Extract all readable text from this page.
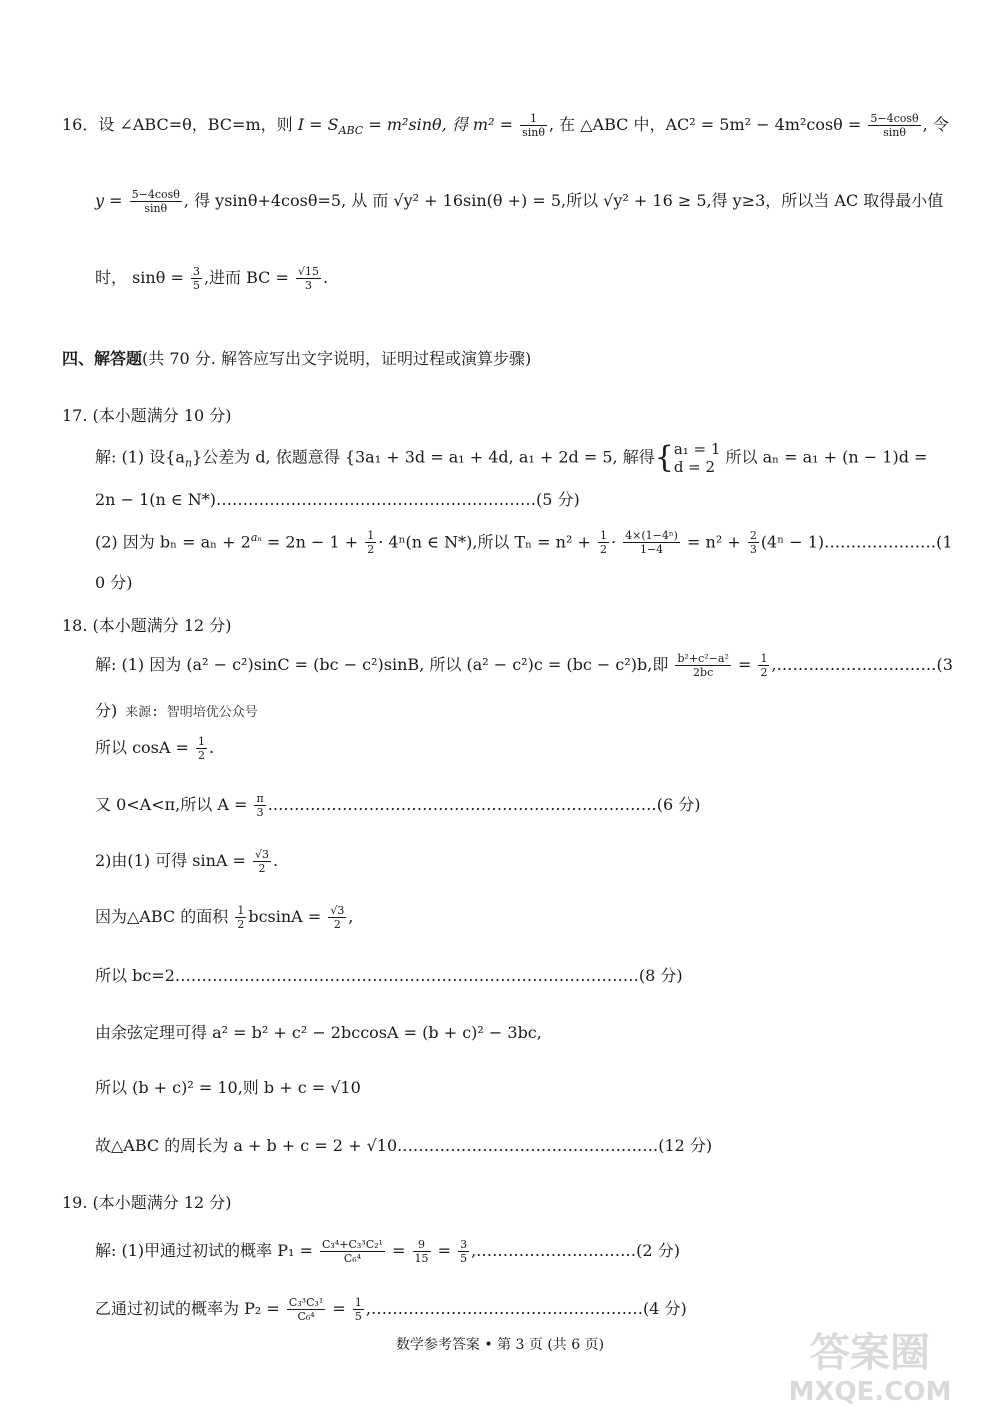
16．设 ∠ABC=θ，BC=m，则 $I = S_{ABC} = m^2\sin\theta$, 得 $m^2 = \frac{1}{\sin\theta}$ , 在 △ABC 中，$AC^2 = 5m^2 - 4m^2\cos\theta = \frac{5-4\cos\theta}{\sin\theta}$ , 令
$y = \frac{5-4\cos\theta}{\sin\theta}$ , 得 ysinθ+4cosθ=5, 从 而 √y² + 16sin(θ +) = 5,所以 √y² + 16 ≥ 5,得 y≥3，所以当 AC 取得最小值
时， $\sin\theta = \frac{3}{5}$ ,进而 BC = $\frac{√15}{3}$ .
四、解答题(共 70 分. 解答应写出文字说明，证明过程或演算步骤)
17. (本小题满分 10 分)
解: (1) 设$\{a_n\}$公差为 d, 依题意得 {3a₁ + 3d = a₁ + 4d, a₁ + 2d = 5, 解得{ a₁ = 1
d = 2
所以 aₙ = a₁ + (n − 1)d =
2n − 1(n ∈ N*)……………………………………………………(5 分)
(2) 因为 $b_n = a_n + 2^{a_n} = 2n - 1 + \frac{1}{2} \cdot 4^n(n$ ∈ N*),所以 $T_n = n^2 + \frac{1}{2} \cdot \frac{\text{4×(1−4ⁿ)}}{1-4} = n^2 + \frac{2}{3} (4^n$ − 1)…………………(1
0 分)
18. (本小题满分 12 分)
解: (1) 因为 (a² − c²)sinC = (bc − c²)sinB, 所以 (a² − c²)c = (bc − c²)b,即 $\frac{\text{b²+c²−a²}}{2bc} = \frac{1}{2}$ ,…………………………(3
分) 来源: 智明培优公众号
所以 $\cos A = \frac{1}{2}$ .
又 0<A<π,所以 $A = \frac{\pi}{3}$ .………………………………………………………………(6 分)
2)由(1) 可得 $\sin A = \frac{√3}{2}$ .
因为△ABC 的面积 $\frac{1}{2}$ $bcsinA = \frac{√3}{2}$ ,
所以 bc=2……………………………………………………………………………(8 分)
由余弦定理可得 a² = b² + c² − 2bccosA = (b + c)² − 3bc,
所以 (b + c)² = 10,则 b + c = √10
故△ABC 的周长为 a + b + c = 2 + √10.…………………………………………(12 分)
19. (本小题满分 12 分)
解: (1)甲通过初试的概率 $P_1 = \frac{\text{C₃⁴+C₃³C₂¹}}{\text{C₆⁴}} = \frac{9}{15} = \frac{3}{5}$ ,…………………………(2 分)
乙通过初试的概率为 $P_2 = \frac{\text{C₃³C₃¹}}{\text{C₆⁴}} = \frac{1}{5}$ ,……………………………………………(4 分)
数学参考答案 • 第 3 页 (共 6 页)	答案圈
MXQE.COM
